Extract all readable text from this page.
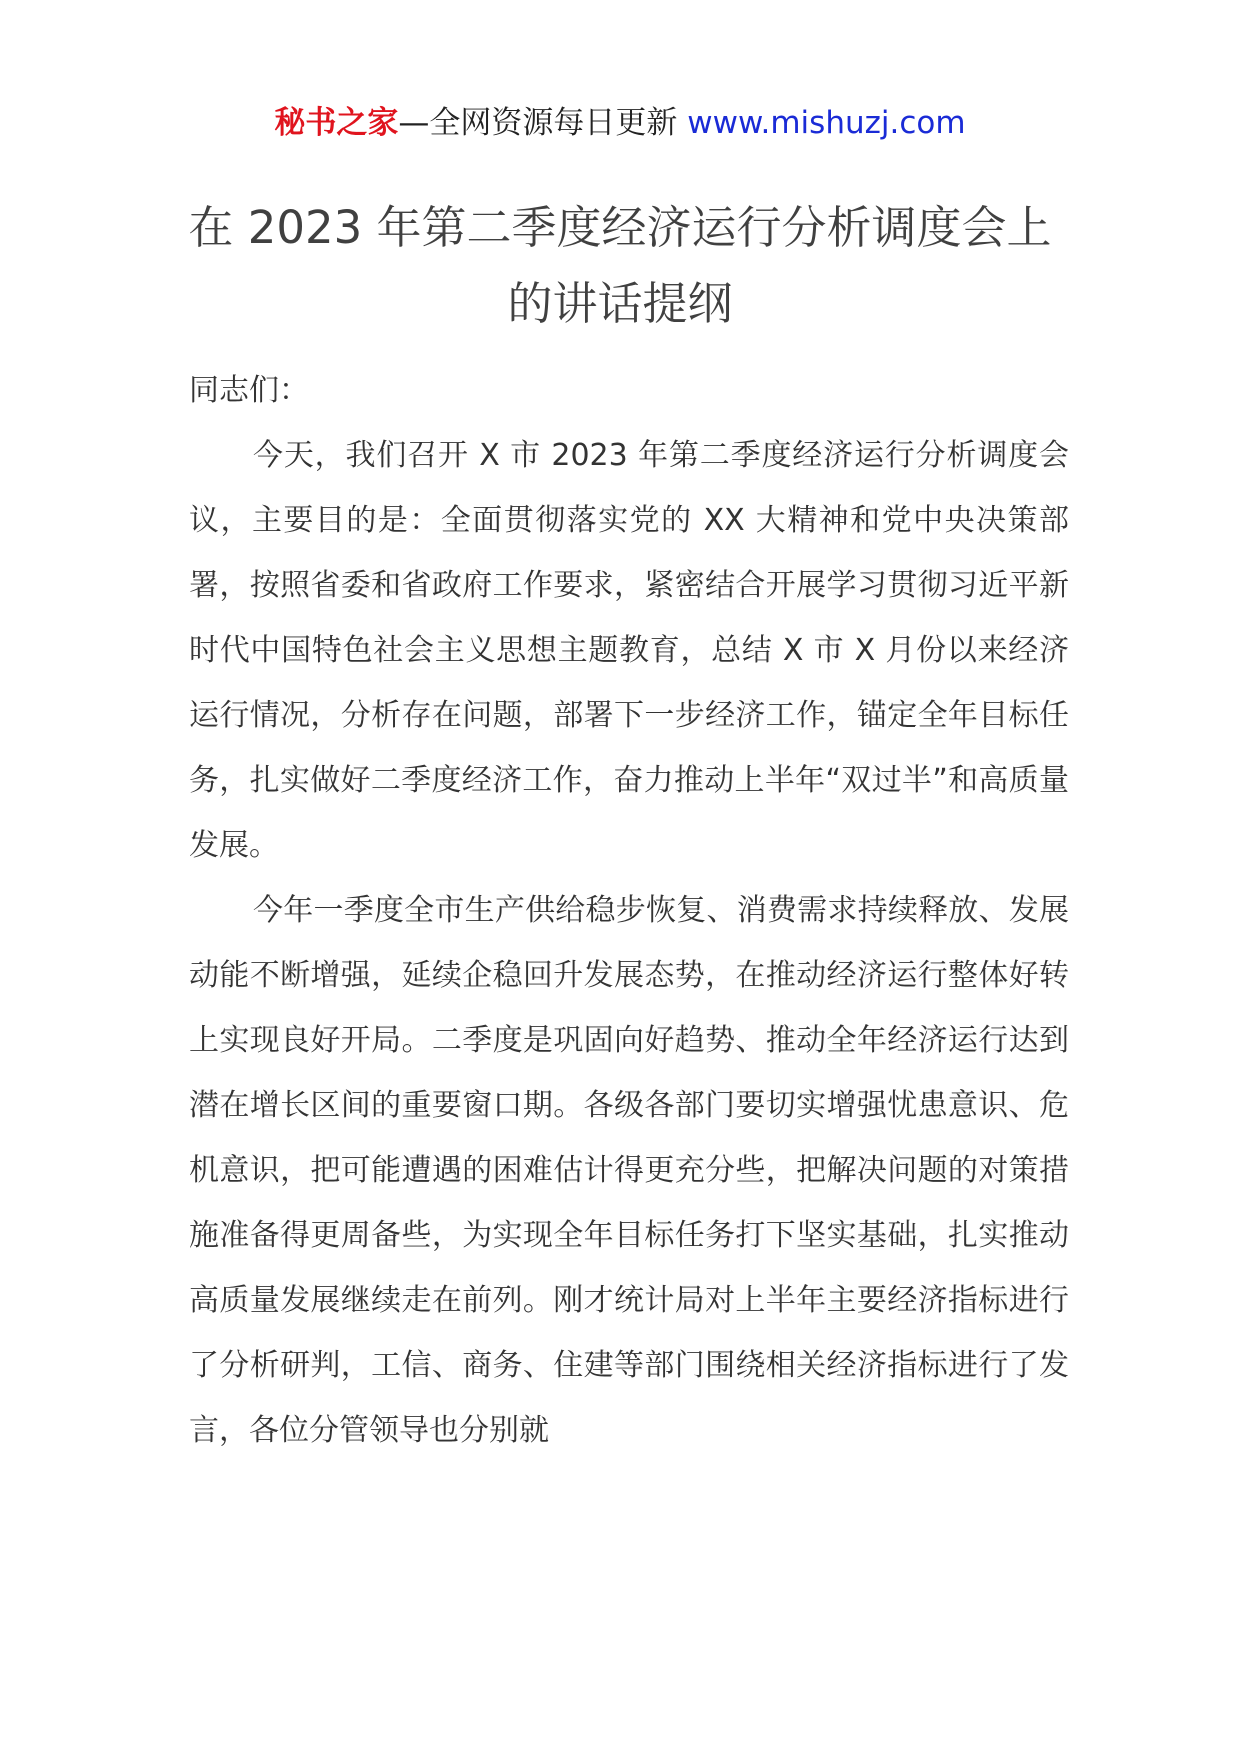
秘书之家—全网资源每日更新 www.mishuzj.com
在 2023 年第二季度经济运行分析调度会上
的讲话提纲

同志们：

今天，我们召开 X 市 2023 年第二季度经济运行分析调度会议，主要目的是：全面贯彻落实党的 XX 大精神和党中央决策部署，按照省委和省政府工作要求，紧密结合开展学习贯彻习近平新时代中国特色社会主义思想主题教育，总结 X 市 X 月份以来经济运行情况，分析存在问题，部署下一步经济工作，锚定全年目标任务，扎实做好二季度经济工作，奋力推动上半年“双过半”和高质量发展。

今年一季度全市生产供给稳步恢复、消费需求持续释放、发展动能不断增强，延续企稳回升发展态势，在推动经济运行整体好转上实现良好开局。二季度是巩固向好趋势、推动全年经济运行达到潜在增长区间的重要窗口期。各级各部门要切实增强忧患意识、危机意识，把可能遭遇的困难估计得更充分些，把解决问题的对策措施准备得更周备些，为实现全年目标任务打下坚实基础，扎实推动高质量发展继续走在前列。刚才统计局对上半年主要经济指标进行了分析研判，工信、商务、住建等部门围绕相关经济指标进行了发言，各位分管领导也分别就
